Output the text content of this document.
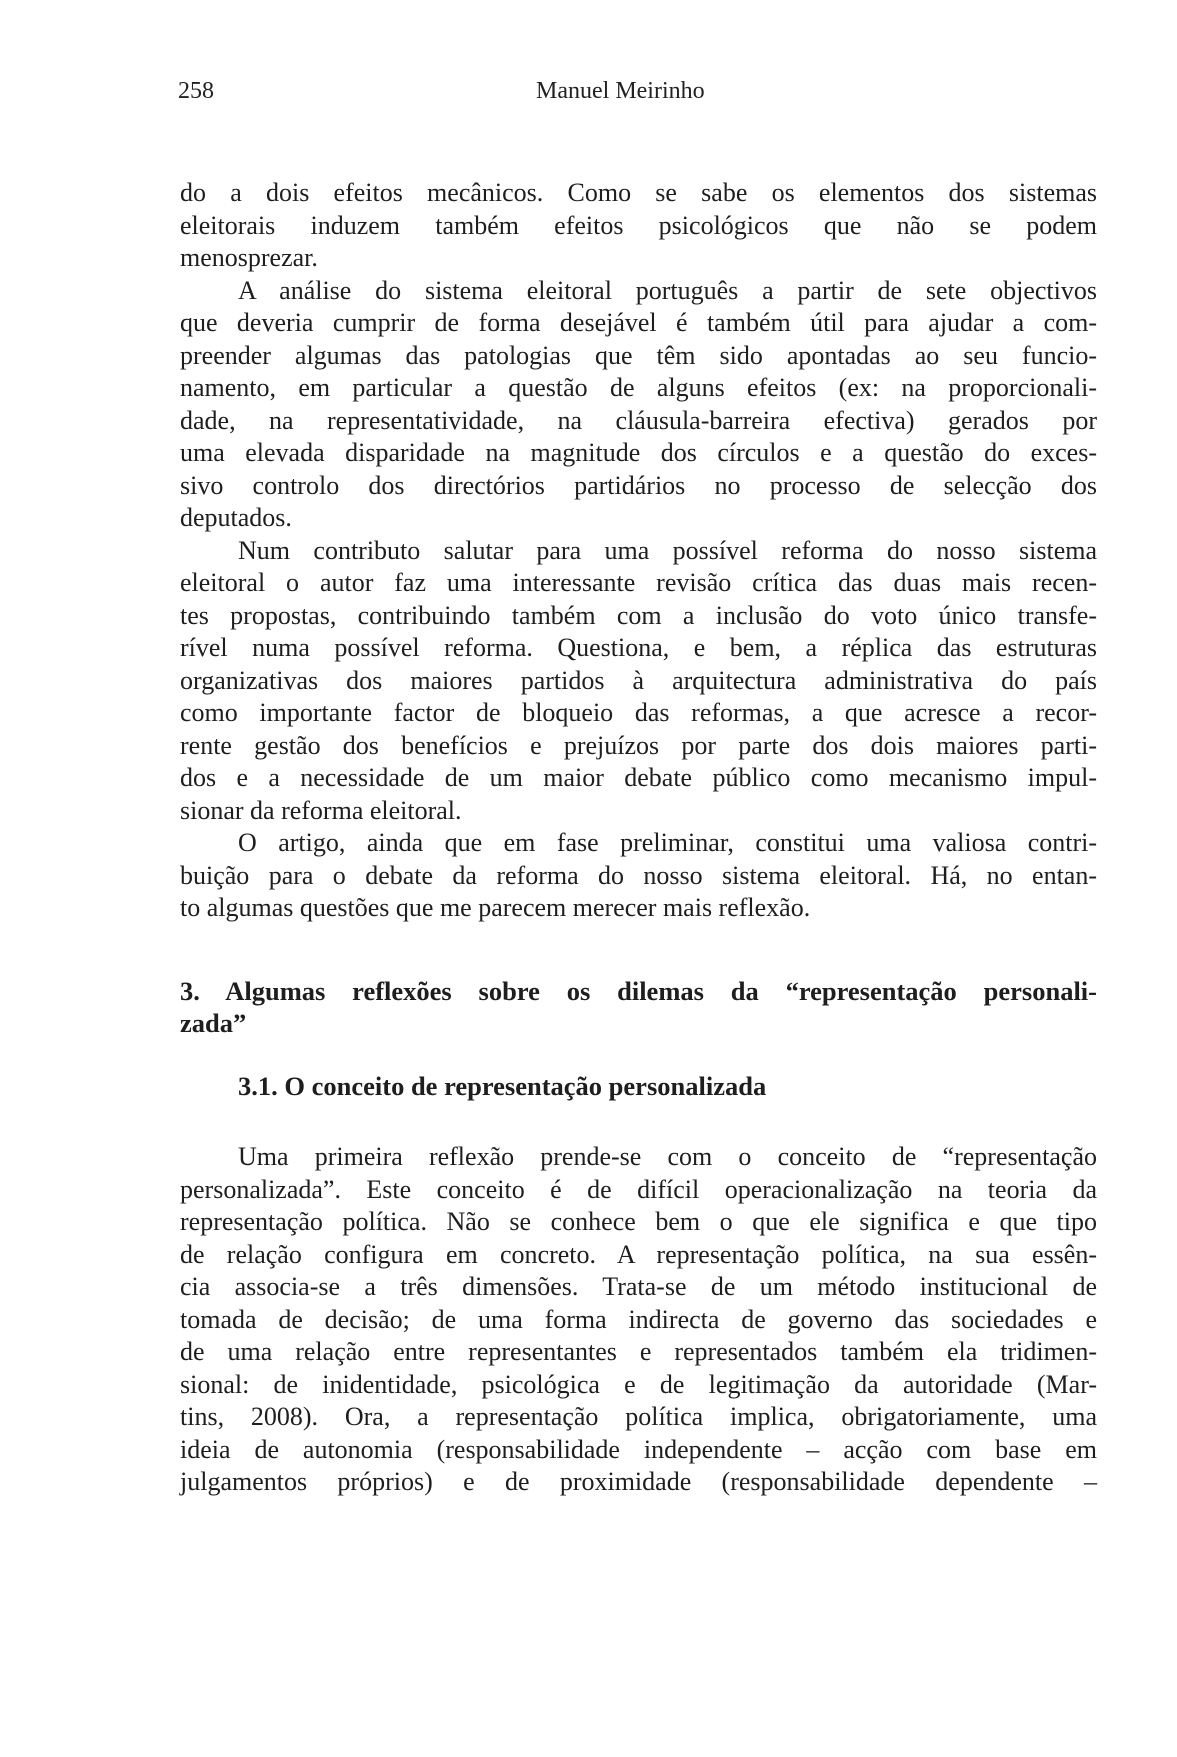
258	Manuel Meirinho
do a dois efeitos mecânicos. Como se sabe os elementos dos sistemas
eleitorais induzem também efeitos psicológicos que não se podem
menosprezar.
A análise do sistema eleitoral português a partir de sete objectivos
que deveria cumprir de forma desejável é também útil para ajudar a com-
preender algumas das patologias que têm sido apontadas ao seu funcio-
namento, em particular a questão de alguns efeitos (ex: na proporcionali-
dade, na representatividade, na cláusula-barreira efectiva) gerados por
uma elevada disparidade na magnitude dos círculos e a questão do exces-
sivo controlo dos directórios partidários no processo de selecção dos
deputados.
Num contributo salutar para uma possível reforma do nosso sistema
eleitoral o autor faz uma interessante revisão crítica das duas mais recen-
tes propostas, contribuindo também com a inclusão do voto único transfe-
rível numa possível reforma. Questiona, e bem, a réplica das estruturas
organizativas dos maiores partidos à arquitectura administrativa do país
como importante factor de bloqueio das reformas, a que acresce a recor-
rente gestão dos benefícios e prejuízos por parte dos dois maiores parti-
dos e a necessidade de um maior debate público como mecanismo impul-
sionar da reforma eleitoral.
O artigo, ainda que em fase preliminar, constitui uma valiosa contri-
buição para o debate da reforma do nosso sistema eleitoral. Há, no entan-
to algumas questões que me parecem merecer mais reflexão.
3. Algumas reflexões sobre os dilemas da “representação personali-
zada”
3.1. O conceito de representação personalizada
Uma primeira reflexão prende-se com o conceito de “representação
personalizada”. Este conceito é de difícil operacionalização na teoria da
representação política. Não se conhece bem o que ele significa e que tipo
de relação configura em concreto. A representação política, na sua essên-
cia associa-se a três dimensões. Trata-se de um método institucional de
tomada de decisão; de uma forma indirecta de governo das sociedades e
de uma relação entre representantes e representados também ela tridimen-
sional: de inidentidade, psicológica e de legitimação da autoridade (Mar-
tins, 2008). Ora, a representação política implica, obrigatoriamente, uma
ideia de autonomia (responsabilidade independente – acção com base em
julgamentos próprios) e de proximidade (responsabilidade dependente –
